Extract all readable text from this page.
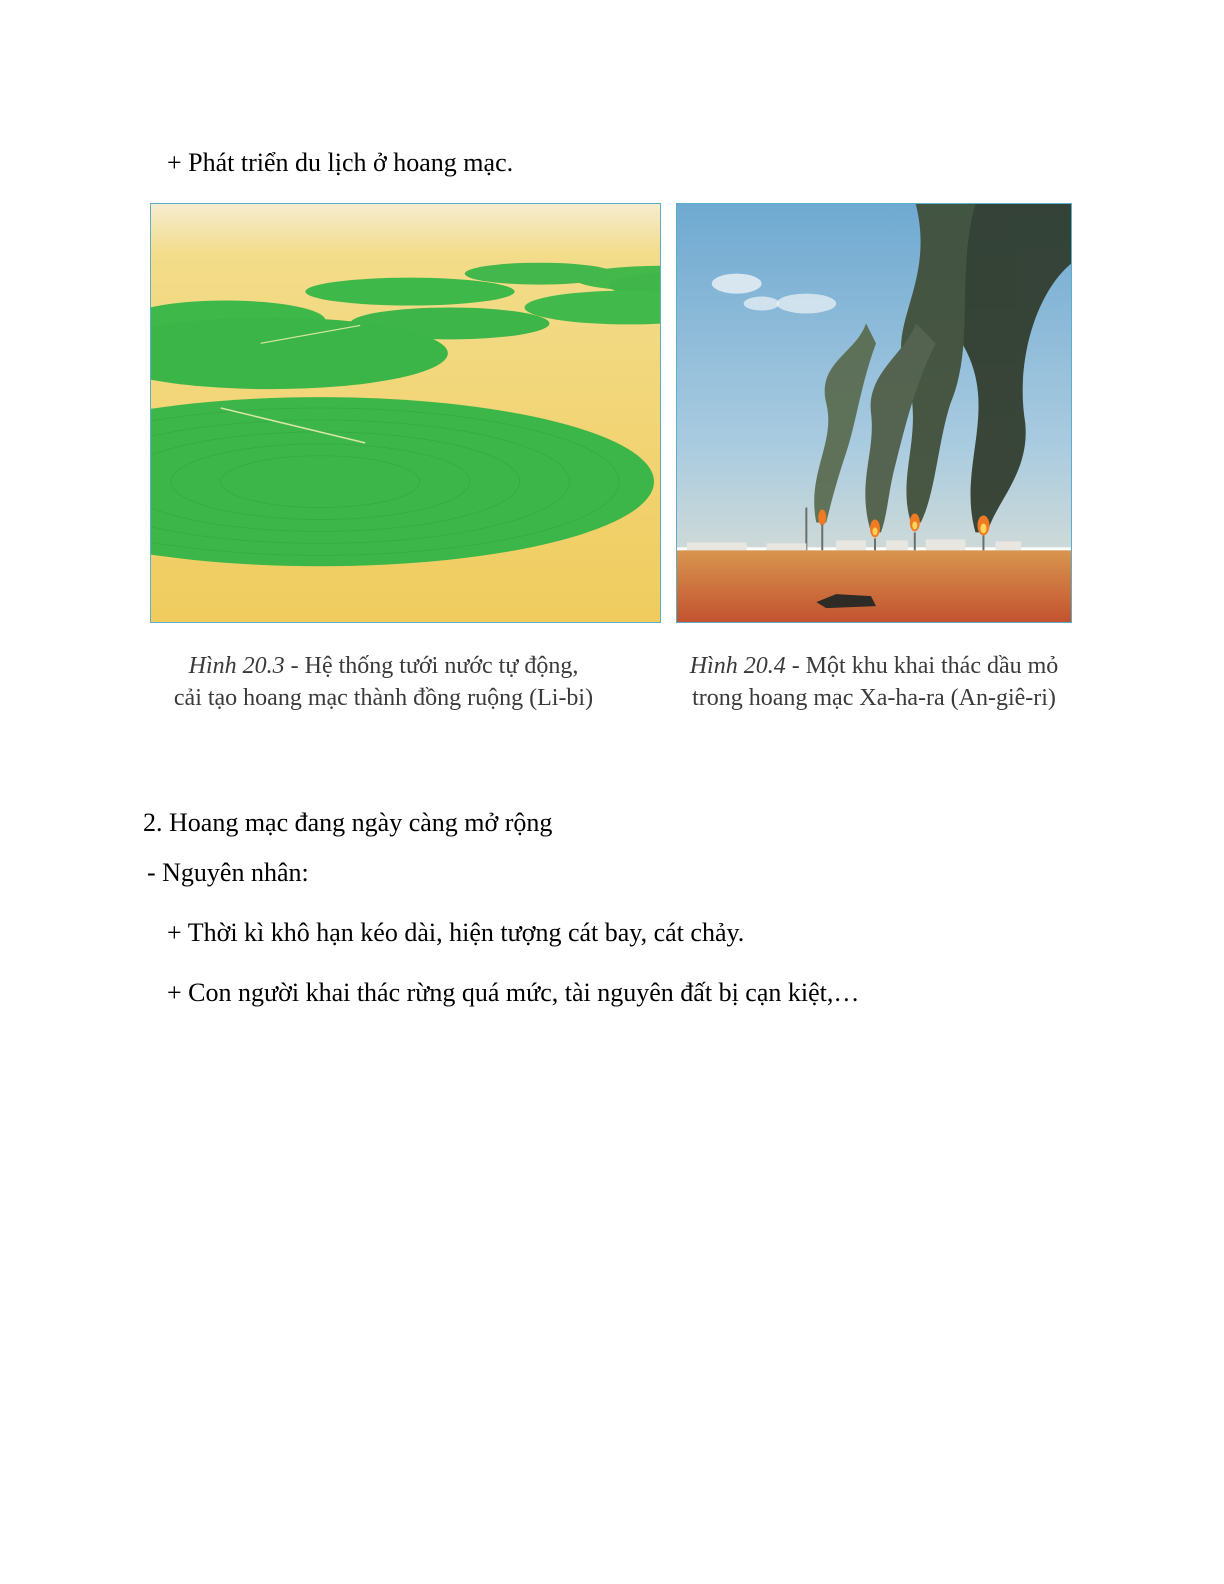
+ Phát triển du lịch ở hoang mạc.
Hình 20.3 - Hệ thống tưới nước tự động,
cải tạo hoang mạc thành đồng ruộng (Li-bi)
Hình 20.4 - Một khu khai thác dầu mỏ
trong hoang mạc Xa-ha-ra (An-giê-ri)
2. Hoang mạc đang ngày càng mở rộng
- Nguyên nhân:
+ Thời kì khô hạn kéo dài, hiện tượng cát bay, cát chảy.
+ Con người khai thác rừng quá mức, tài nguyên đất bị cạn kiệt,…
